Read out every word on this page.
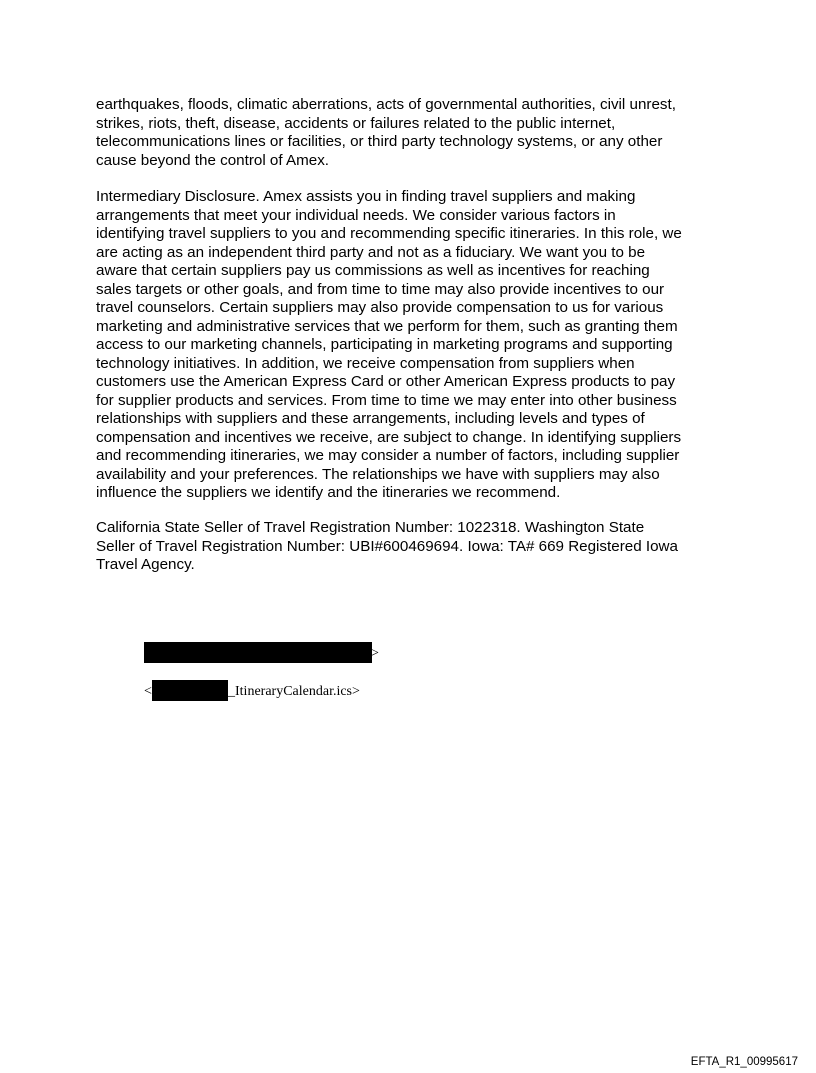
earthquakes, floods, climatic aberrations, acts of governmental authorities, civil unrest,
strikes, riots, theft, disease, accidents or failures related to the public internet,
telecommunications lines or facilities, or third party technology systems, or any other
cause beyond the control of Amex.

Intermediary Disclosure. Amex assists you in finding travel suppliers and making
arrangements that meet your individual needs. We consider various factors in
identifying travel suppliers to you and recommending specific itineraries. In this role, we
are acting as an independent third party and not as a fiduciary. We want you to be
aware that certain suppliers pay us commissions as well as incentives for reaching
sales targets or other goals, and from time to time may also provide incentives to our
travel counselors. Certain suppliers may also provide compensation to us for various
marketing and administrative services that we perform for them, such as granting them
access to our marketing channels, participating in marketing programs and supporting
technology initiatives. In addition, we receive compensation from suppliers when
customers use the American Express Card or other American Express products to pay
for supplier products and services. From time to time we may enter into other business
relationships with suppliers and these arrangements, including levels and types of
compensation and incentives we receive, are subject to change. In identifying suppliers
and recommending itineraries, we may consider a number of factors, including supplier
availability and your preferences. The relationships we have with suppliers may also
influence the suppliers we identify and the itineraries we recommend.

California State Seller of Travel Registration Number: 1022318. Washington State
Seller of Travel Registration Number: UBI#600469694. Iowa: TA# 669 Registered Iowa
Travel Agency.

>
<	_ItineraryCalendar.ics>
EFTA_R1_00995617
